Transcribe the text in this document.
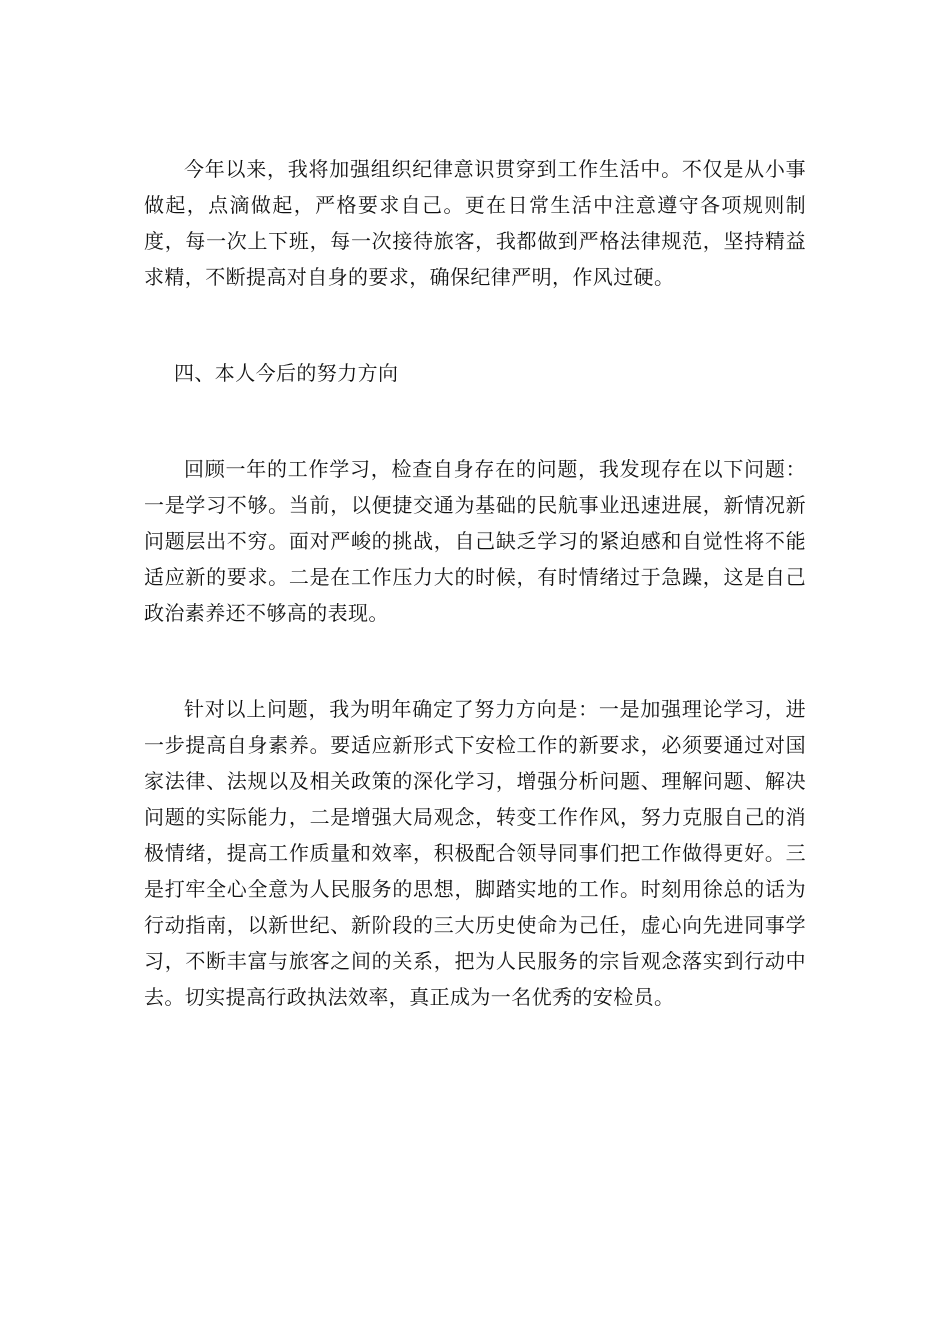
今年以来，我将加强组织纪律意识贯穿到工作生活中。不仅是从小事做起，点滴做起，严格要求自己。更在日常生活中注意遵守各项规则制度，每一次上下班，每一次接待旅客，我都做到严格法律规范，坚持精益求精，不断提高对自身的要求，确保纪律严明，作风过硬。

四、本人今后的努力方向

回顾一年的工作学习，检查自身存在的问题，我发现存在以下问题：一是学习不够。当前，以便捷交通为基础的民航事业迅速进展，新情况新问题层出不穷。面对严峻的挑战，自己缺乏学习的紧迫感和自觉性将不能适应新的要求。二是在工作压力大的时候，有时情绪过于急躁，这是自己政治素养还不够高的表现。

针对以上问题，我为明年确定了努力方向是：一是加强理论学习，进一步提高自身素养。要适应新形式下安检工作的新要求，必须要通过对国家法律、法规以及相关政策的深化学习，增强分析问题、理解问题、解决问题的实际能力，二是增强大局观念，转变工作作风，努力克服自己的消极情绪，提高工作质量和效率，积极配合领导同事们把工作做得更好。三是打牢全心全意为人民服务的思想，脚踏实地的工作。时刻用徐总的话为行动指南，以新世纪、新阶段的三大历史使命为己任，虚心向先进同事学习，不断丰富与旅客之间的关系，把为人民服务的宗旨观念落实到行动中去。切实提高行政执法效率，真正成为一名优秀的安检员。
